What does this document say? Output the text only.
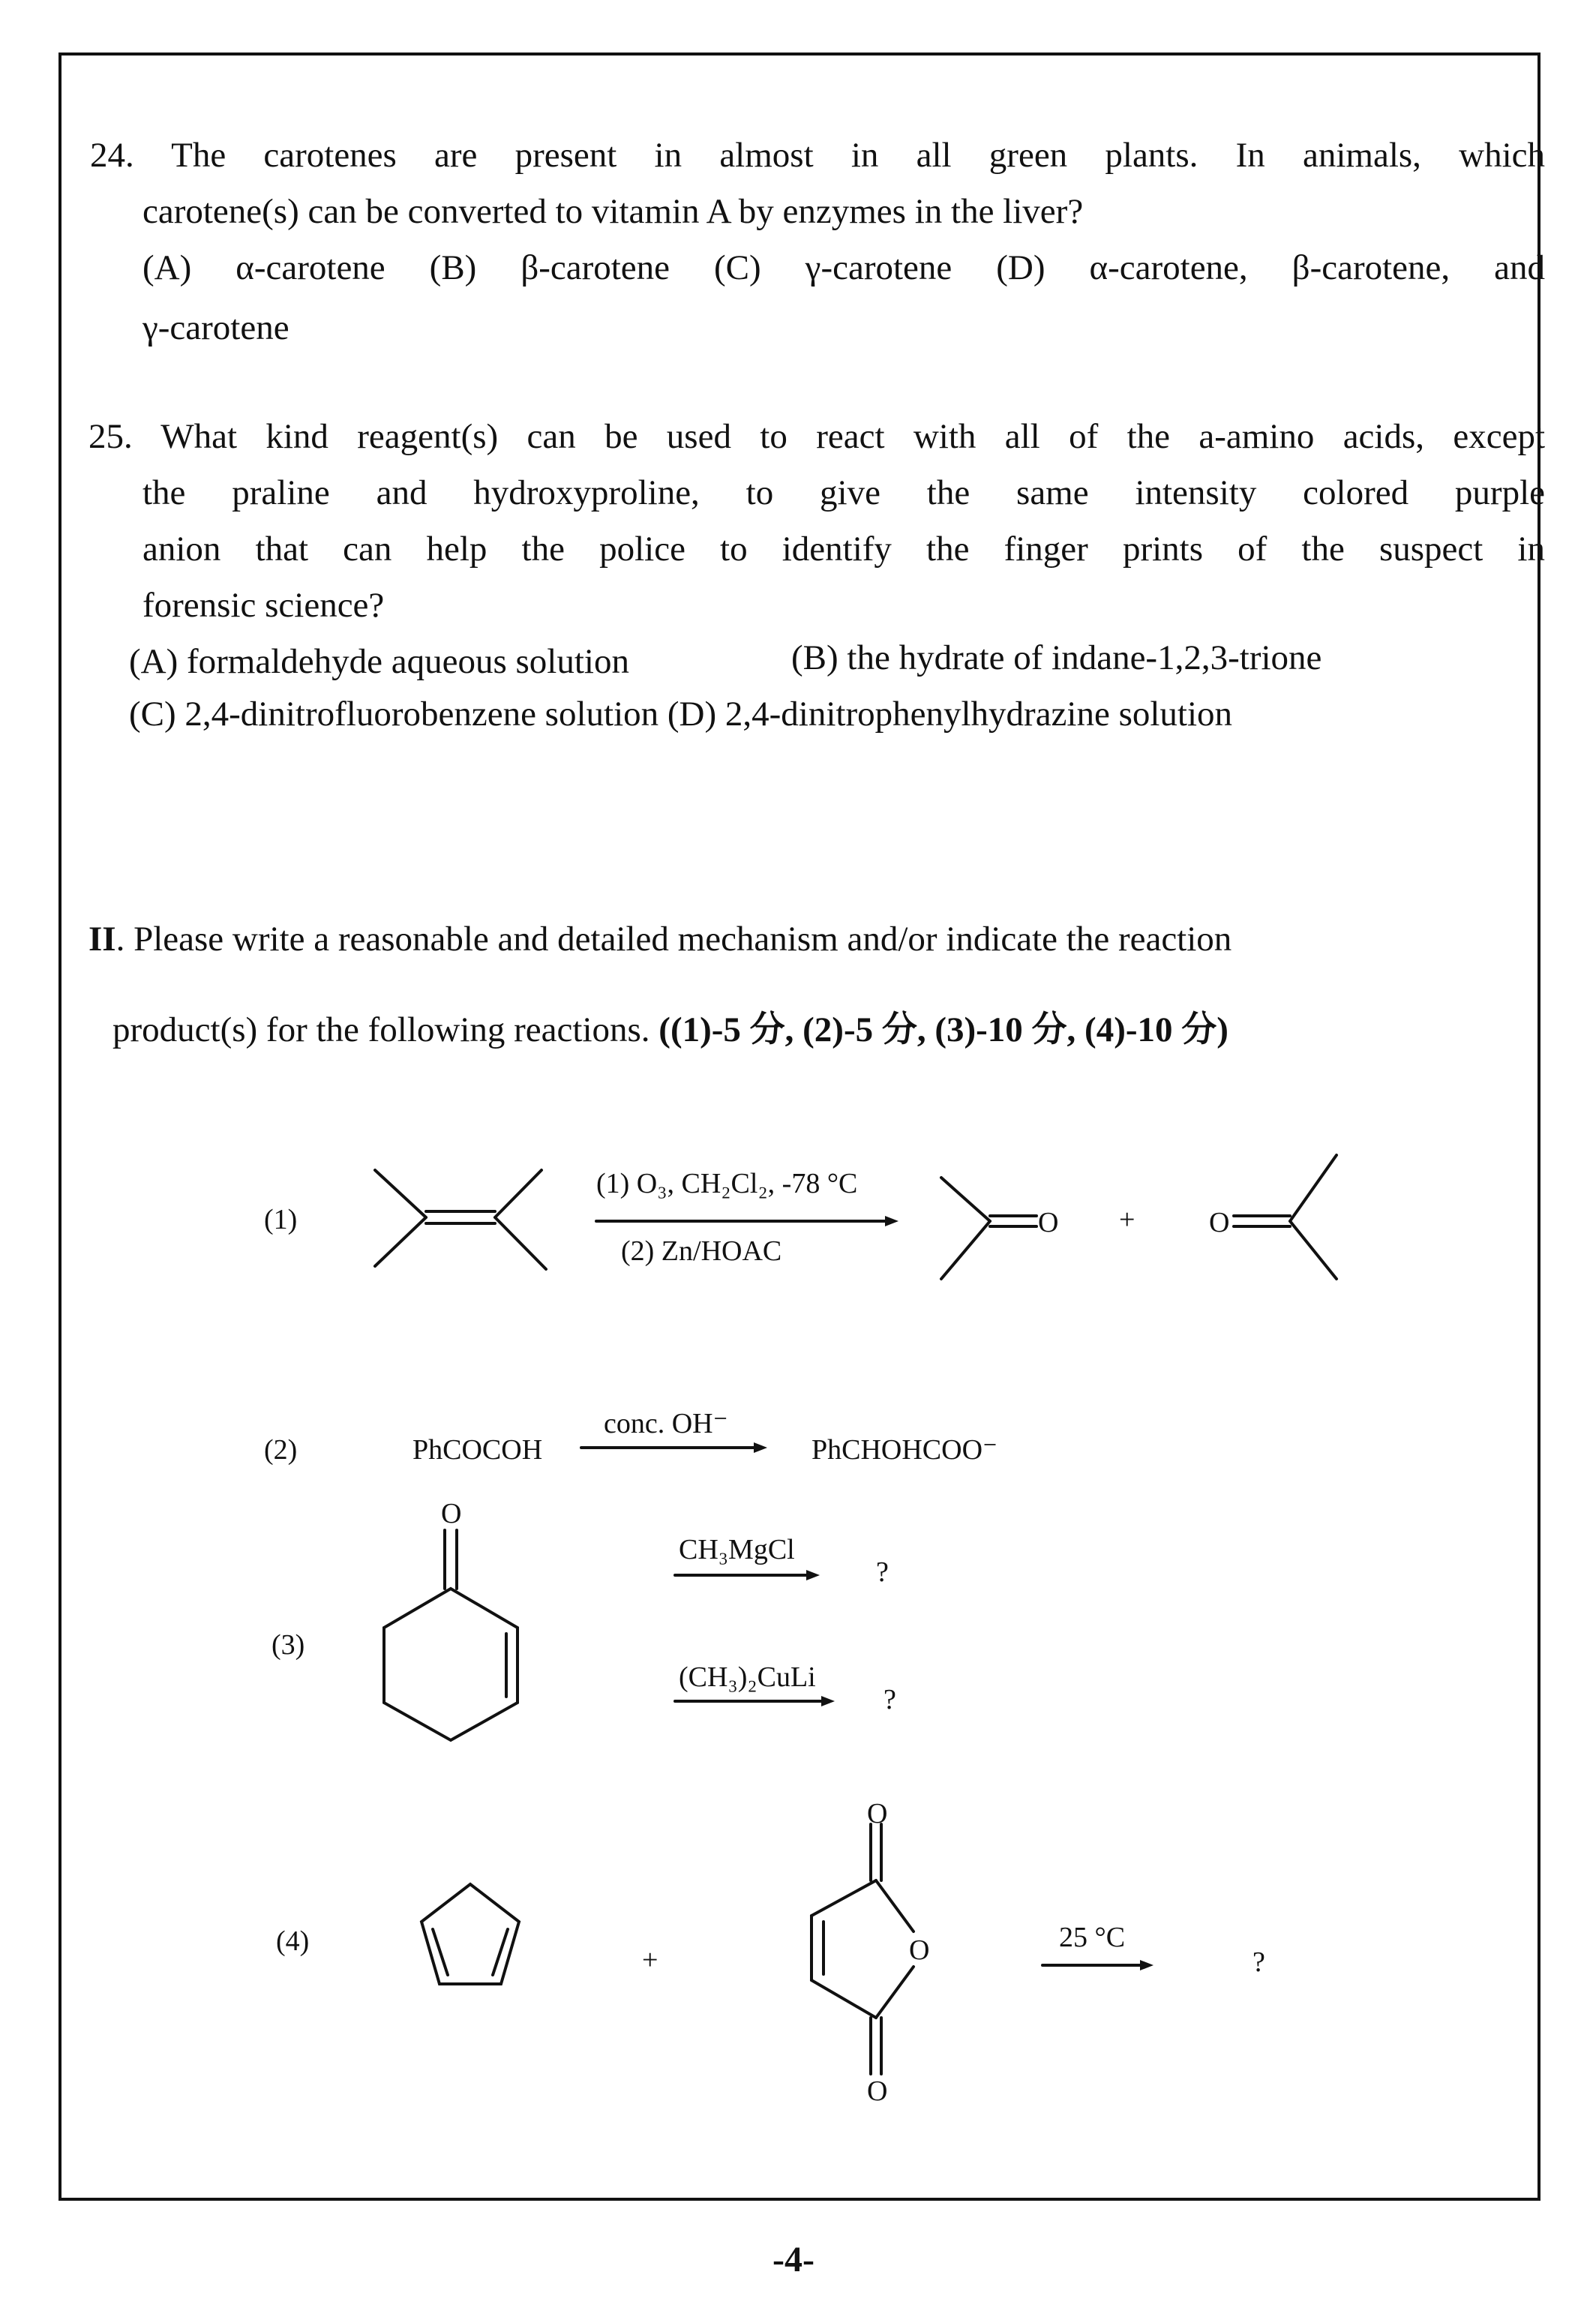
24. The carotenes are present in almost in all green plants. In animals, which
carotene(s) can be converted to vitamin A by enzymes in the liver?
(A) α-carotene (B) β-carotene (C) γ-carotene (D) α-carotene, β-carotene, and
γ-carotene
25. What kind reagent(s) can be used to react with all of the a-amino acids, except
the praline and hydroxyproline, to give the same intensity colored purple
anion that can help the police to identify the finger prints of the suspect in
forensic science?
(A) formaldehyde aqueous solution	(B) the hydrate of indane-1,2,3-trione
(C) 2,4-dinitrofluorobenzene solution (D) 2,4-dinitrophenylhydrazine solution
II. Please write a reasonable and detailed mechanism and/or indicate the reaction
product(s) for the following reactions. ((1)-5 分, (2)-5 分, (3)-10 分, (4)-10 分)
(1)
(1) O₃, CH₂Cl₂, -78 °C
(2) Zn/HOAC
O +	O
(2)	PhCOCOH
conc. OH⁻
PhCHOHCOO⁻
(3)
O
CH₃MgCl
?
(CH₃)₂CuLi
?
(4)
+
O
O
O
25 °C
?
-4-
